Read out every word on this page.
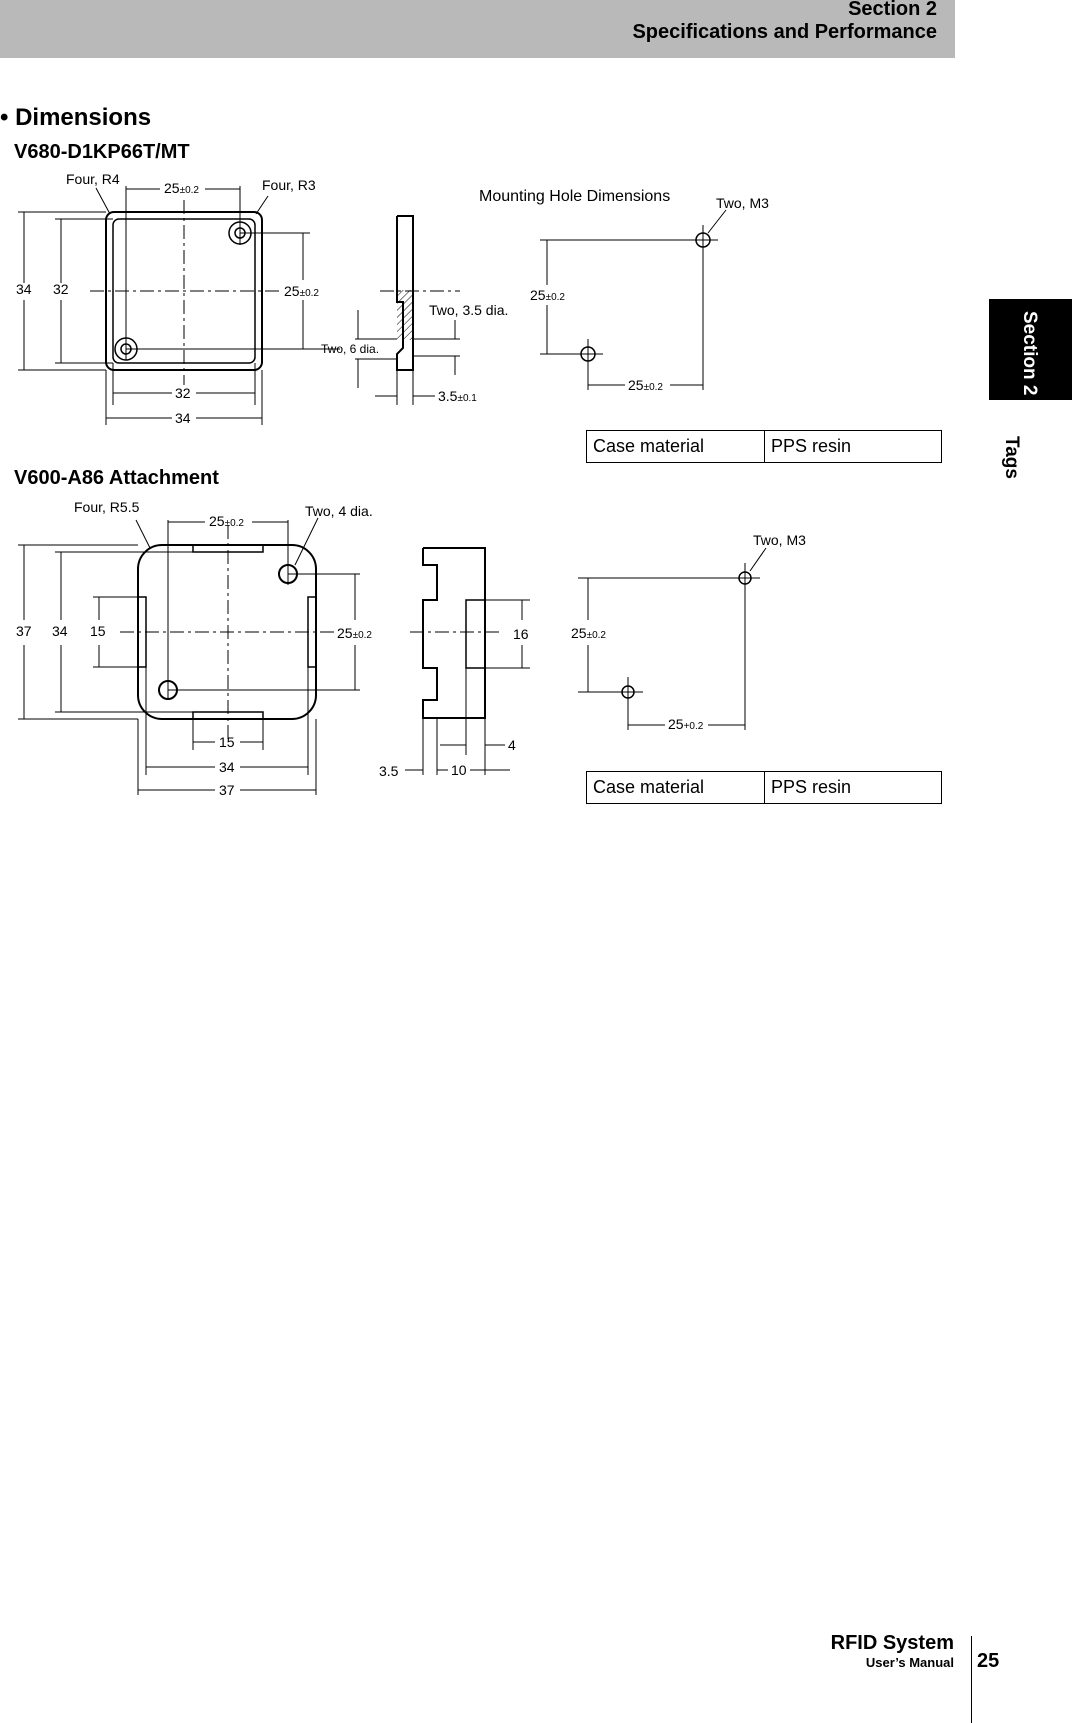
Section 2
Specifications and Performance
Section 2
Tags
• Dimensions
V680-D1KP66T/MT
V600-A86 Attachment
Four, R4	Four, R3
25±0.2
34 32	25±0.2
32
34
Two, 6 dia.
Two, 3.5 dia.
3.5±0.1
Mounting Hole Dimensions	Two, M3
25±0.2
25±0.2
Case material	PPS resin
Four, R5.5	Two, 4 dia.
25±0.2
37 34 15	25±0.2
15
34
37
16
4
3.5	10
Two, M3
25±0.2
25+0.2
Case material	PPS resin
RFID System
User’s Manual 25
